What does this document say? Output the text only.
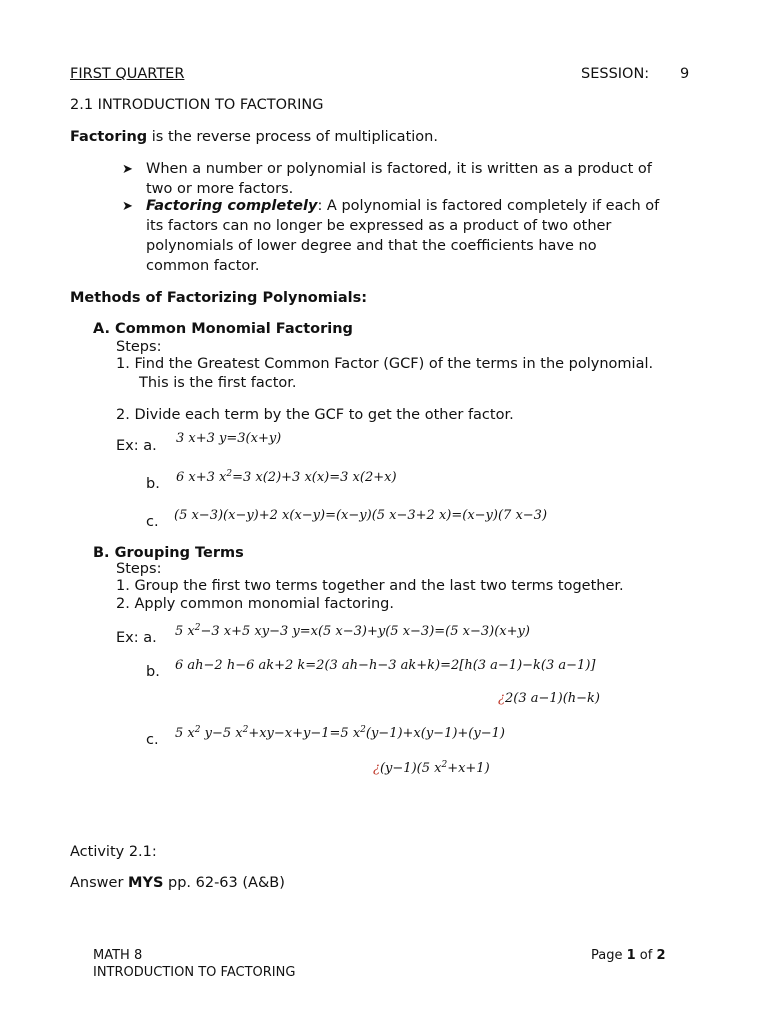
FIRST QUARTER	SESSION: 9
2.1 INTRODUCTION TO FACTORING
Factoring is the reverse process of multiplication.
➤ When a number or polynomial is factored, it is written as a product of
two or more factors.
➤ Factoring completely: A polynomial is factored completely if each of
its factors can no longer be expressed as a product of two other
polynomials of lower degree and that the coefficients have no
common factor.
Methods of Factorizing Polynomials:
A. Common Monomial Factoring
Steps:
1. Find the Greatest Common Factor (GCF) of the terms in the polynomial.
This is the first factor.
2. Divide each term by the GCF to get the other factor.
Ex: a. 3 x+3 y=3(x+y)
b. 6 x+3 $x^2=3$ x(2)+3 x(x)=3 x(2+x)
c. (5 x−3)(x−y)+2 x(x−y)=(x−y)(5 x−3+2 x)=(x−y)(7 x−3)
B. Grouping Terms
Steps:
1. Group the first two terms together and the last two terms together.
2. Apply common monomial factoring.
Ex: a. 5 $x^2-3$ x+5 xy−3 y=x(5 x−3)+y(5 x−3)=(5 x−3)(x+y)
b. 6 ah−2 h−6 ak+2 k=2(3 ah−h−3 ak+k)=2[h(3 a−1)−k(3 a−1)]
¿2(3 a−1)(h−k)
c. 5 $x^2$ y−5 $x^2+xy-x+y-1=5$ $x^2(y-1)+x(y-1)+(y-1)$
¿(y−1)(5 $x^2+x+1$)
Activity 2.1:
Answer MYS pp. 62-63 (A&B)
MATH 8
INTRODUCTION TO FACTORING
Page 1 of 2
